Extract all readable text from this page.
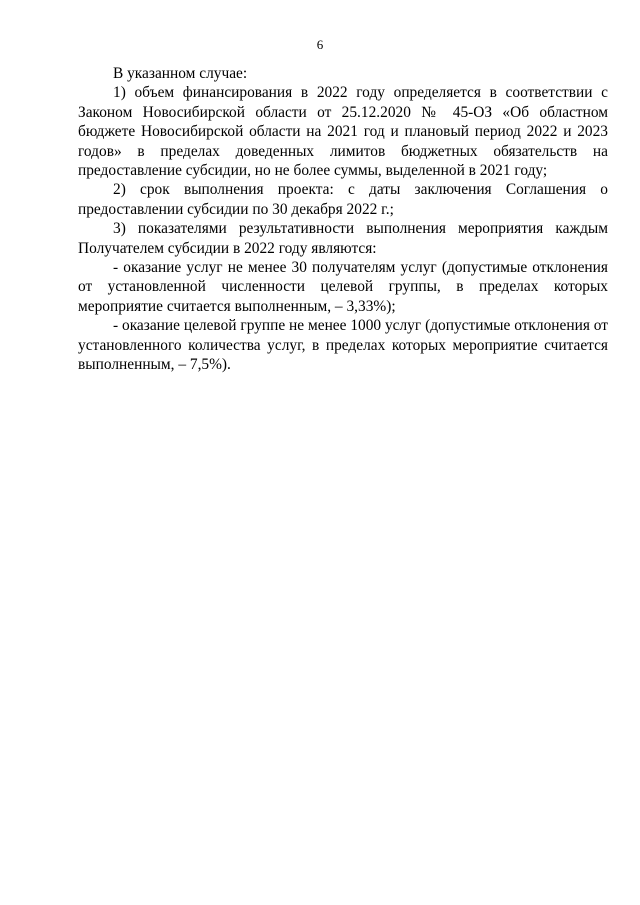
6

В указанном случае:

1) объем финансирования в 2022 году определяется в соответствии с Законом Новосибирской области от 25.12.2020 № 45-ОЗ «Об областном бюджете Новосибирской области на 2021 год и плановый период 2022 и 2023 годов» в пределах доведенных лимитов бюджетных обязательств на предоставление субсидии, но не более суммы, выделенной в 2021 году;

2) срок выполнения проекта: с даты заключения Соглашения о предоставлении субсидии по 30 декабря 2022 г.;

3) показателями результативности выполнения мероприятия каждым Получателем субсидии в 2022 году являются:

- оказание услуг не менее 30 получателям услуг (допустимые отклонения от установленной численности целевой группы, в пределах которых мероприятие считается выполненным, – 3,33%);

- оказание целевой группе не менее 1000 услуг (допустимые отклонения от установленного количества услуг, в пределах которых мероприятие считается выполненным, – 7,5%).
